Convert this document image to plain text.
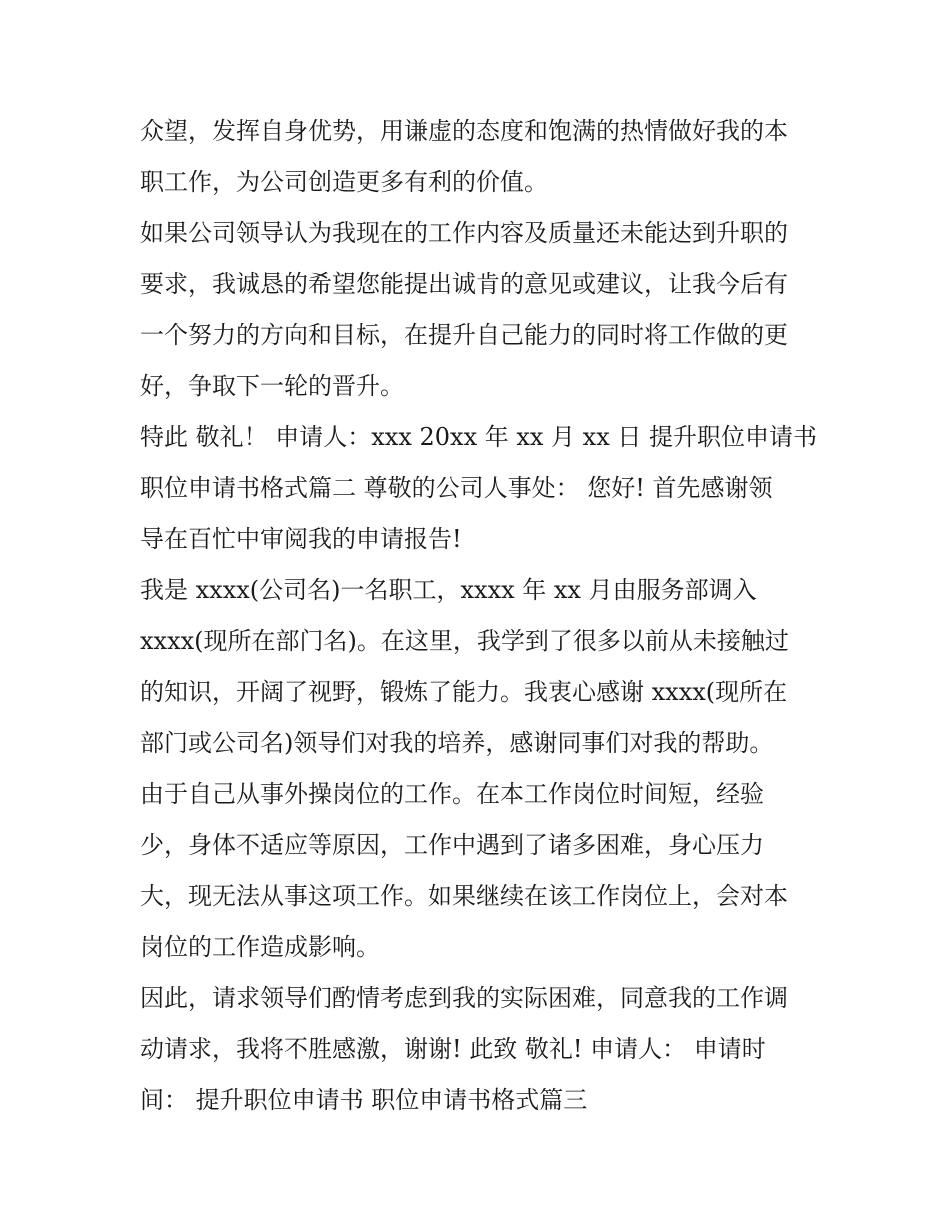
众望，发挥自身优势，用谦虚的态度和饱满的热情做好我的本
职工作，为公司创造更多有利的价值。
如果公司领导认为我现在的工作内容及质量还未能达到升职的
要求，我诚恳的希望您能提出诚肯的意见或建议，让我今后有
一个努力的方向和目标，在提升自己能力的同时将工作做的更
好，争取下一轮的晋升。
特此 敬礼！ 申请人：xxx 20xx 年 xx 月 xx 日 提升职位申请书
职位申请书格式篇二 尊敬的公司人事处： 您好! 首先感谢领
导在百忙中审阅我的申请报告!
我是 xxxx(公司名)一名职工，xxxx 年 xx 月由服务部调入
xxxx(现所在部门名)。在这里，我学到了很多以前从未接触过
的知识，开阔了视野，锻炼了能力。我衷心感谢 xxxx(现所在
部门或公司名)领导们对我的培养，感谢同事们对我的帮助。
由于自己从事外操岗位的工作。在本工作岗位时间短，经验
少，身体不适应等原因，工作中遇到了诸多困难，身心压力
大，现无法从事这项工作。如果继续在该工作岗位上，会对本
岗位的工作造成影响。
因此，请求领导们酌情考虑到我的实际困难，同意我的工作调
动请求，我将不胜感激，谢谢! 此致 敬礼! 申请人： 申请时
间： 提升职位申请书 职位申请书格式篇三
